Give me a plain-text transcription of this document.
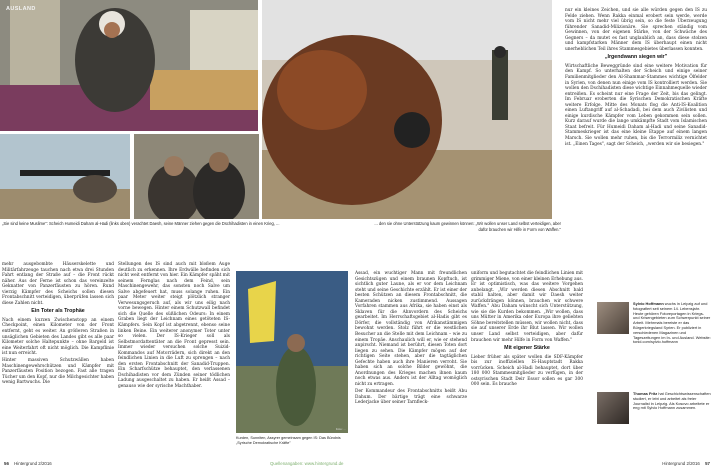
AUSLAND	nur ein kleines Zeichen, und sie alle würden gegen den IS zu Felde ziehen. Wenn Rakka einmal erobert sein werde, werde vom IS nicht mehr viel übrig sein, so die feste Überzeugung führender Sanadid-Milizionäre. Sie sprechen ständig vom Gewinnen, von der eigenen Stärke, von der Schwäche des Gegners – da mutet es fast unglaublich an, dass diese stolzen und kampfstarken Männer dem IS überhaupt einen nicht unerheblichen Teil ihres Stammesgebietes überlassen konnten.

„Irgendwann siegen wir"

Wirtschaftliche Beweggründe sind eine weitere Motivation für den Kampf. So unterhalten der Scheich und einige seiner Familienmitglieder den Al-Shammar-Stammes wichtige Ölfelder in Syrien, von denen nun einige vom IS kontrolliert werden. Sie wollen den Dschihadisten diese wichtige Einnahmequelle wieder entreißen. Es scheint nur eine Frage der Zeit, bis das gelingt. Im Februar eroberten die Syrischen Demokratischen Kräfte weitere Erfolge. Mitte des Monats flog die Anti-IS-Koalition einen Luftangriff auf al-Schadadi, bei dem auch Zivilisten und einige kurdische Kämpfer vom Leben gekommen sein sollen. Kurz darauf wurde die lange umkämpfte Stadt vom Islamischen Staat befreit. Für Humeidi Daham al-Hadi und seine Sanadid-Stammeskrieger ist das eine kleine Etappe auf einem langen Marsch. Sie wollen mehr ruhen, bis die Terrormiliz vernichtet ist. „Einen Tages", sagt der Scheich, „werden wir sie besiegen."

„Sie sind keine Muslime": Scheich Humeidi Daham al-Hadi (links oben) verachtet Daesh, seine Männer ziehen gegen die Dschihadisten in einen Krieg, ...	... den sie ohne Unterstützung kaum gewinnen können: „Wir wollen unser Land selbst verteidigen, aber
dafür brauchen wir Hilfe in Form von Waffen."

mehr ausgebombte Häuserskelette und Militärfahrzeuge tauchen nach etwa drei Stunden Fahrt entlang der Straße auf – die Front rückt näher. Aus der Ferne ist schon das vereinzelte Geknatter von Panzerfäusten zu hören. Rund vierzig Kämpfer des Scheichs sollen diesen Frontabschnitt verteidigen, überprüfen lassen sich diese Zahlen nicht.

Ein Toter als Trophäe

Nach einem kurzen Zwischenstopp an einem Checkpoint, einen Kilometer von der Front entfernt, geht es weiter. An größeren Straßen in unsäglichen Gebieten des Landes gibt es alle paar Kilometer solche Haltepunkte – ohne Bargeld ist eine Weiterfahrt oft nicht möglich. Die Kampflinie ist nun erreicht.

Hinter massiven Schutzwällen haben Maschinengewehrschützen und Kämpfer mit Panzerfäusten Position bezogen. Fast alle tragen Tücher um den Kopf, nur die Milchgesichter haben wenig Bartwuchs. Die

Stellungen des IS sind auch mit bloßem Auge deutlich zu erkennen. Ihre Erdwälle befinden sich nicht weit entfernt von hier. Ein Kämpfer späht mit seinem Fernglas nach dem Feind, sein Maschinengewehr, das sonsten noch Salve um Salve abgefeuert hat, muss solange ruhen. Ein paar Meter weiter steigt plötzlich stranger Verwesungsgeruch auf, als wir uns eilig nach vorne bewegen. Hinter einem Schutzwall befindet sich die Quelle des süßlichen Odeurs: In einem Graben liegt der Leichnam eines getöteten IS-Kämpfers. Sein Kopf ist abgetrennt, ebenso seine linken Beine. Ein weiterer anonymer Toter unter so vielen. Der IS-Krieger soll als Selbstmordattentäter an die Front gepresst sein. Immer wieder versuchen solche Suizid-Kommandos auf Motorrädern, sich direkt an den feindlichen Linien in die Luft zu sprengen – nach den ersten Frontabschnitt der Sanadid-Truppen. Ein Scharfschütze behauptet, den verlassenen Dschihadisten vor dem Zünden seiner tödlichen Ladung ausgeschaltet zu haben. Er heißt Assad – genauso wie der syrische Machthaber.

Foto: ...
Kurden, Sunniten, Assyrer gemeinsam gegen IS: Das Bündnis „Syrische Demokratische Kräfte"

Assad, ein wuchtiger Mann mit freundlichen Gesichtszügen und einem braunen Kopftuch, ist sichtlich guter Laune, als er vor dem Leichnam steht und seine Geschichte erzählt. Er ist einer der besten Schützen an diesem Frontabschnitt, die Kameraden nicken zustimmend. Aussagen Vorfahren stammen aus Afrika, sie haben einst als Sklaven für die Ahnvordern des Scheichs gearbeitet. Im Herrschaftsgebiet al-Hadis gibt es Dörfer, die vollständig von Afrikanstämmigen bewohnt werden. Stolz führt er die westlichen Besucher an die Stelle mit dem Leichnam – wie zu einem Tropäe. Anschaulich will er, wie er stehend anpirscht. Niemand ist berührt, diesen Toten dort liegen zu sehen. Die Kämpfer mögen auf der richtigen Seite stehen, aber die tagtäglichen Gefechte haben auch ihre Manieren verroht. Sie haben sich an solche Bilder gewöhnt, die Anordnungen des Krieges machen ihnen kaum noch etwas aus. Anders ist der Alltag womöglich nicht zu ertragen.

Der Kommandeur des Frontabschnitts heißt Abu Dahum. Der bärtige trägt eine schwarze Lederjacke über seiner Tarnfleck-

uniform und begutachtet die feindlichen Linien mit grimmiger Miene, von einer kleinen Erhebung aus. Er ist optimistisch, was das weitere Vorgehen anbelangt. „Wir werden diesen Abschnitt bald stabil halten, aber damit wir Daesh weiter zurückdrängen können, brauchen wir schwere Waffen." Abu Daham wünscht sich Unterstützung, wie sie die Kurden bekommen. „Wir wollen, dass uns Mütter in Amerika oder Europa ihre geliebten Söhne bereitstellen müssen, wir wollen nicht, dass sie auf unserer Erde ihr Blut lassen. Wir wollen unser Land selbst verteidigen, aber dafür brauchen wir mehr Hilfe in Form von Waffen."

Mit eigener Stärke

Lieber früher als später wollen die SDF-Kämpfer bis zur inoffiziellen IS-Hauptstadt Rakka vorrücken. Scheich al-Hadi behauptet, dort über 180 000 Stammesmitglieder zu verfügen, in der ostsyrischen Stadt Deir Essor sollen es gar 300 000 sein. Es brauche

Sylvio Hoffmann wuchs in Leipzig auf und fotografiert seit seinem 14. Lebensjahr. Heute gehören Fotoreportagen in Kriegs- und Krisengebieten zum Schwerpunkt seiner Arbeit. Mehrmals bereiste er das Bürgerkriegsland Syrien. Er publiziert in verschiedenen Magazinen und Tageszeitungen im In- und Ausland. Website: tonid.com/sylvio.hoffmann
Thomas Fritz hat Geschichtswissenschaften studiert, er lebt und arbeitet als freier Journalist in Leipzig. Als Kosovo arbeitete er eng mit Sylvio Hoffmann zusammen.
56 Hintergrund 2/2016	Quellenangaben: www.hintergrund.de	Hintergrund 2/2016 57
